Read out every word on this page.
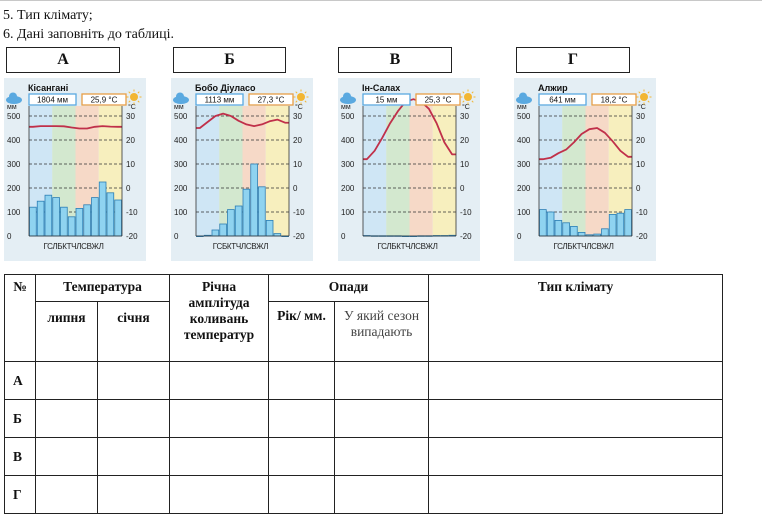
5. Тип клімату;
6. Дані заповніть до таблиці.
А	Б	В	Г
500
400
300
200
100
0
30
20
10
0
-10
-20
мм	°C
ГСЛБКТЧЛСВЖЛ
Кісангані
1804 мм	25,9 °C
500
400
300
200
100
0
30
20
10
0
-10
-20
мм	°C
ГСБКТЧЛСВЖЛ
Бобо Діуласо
1113 мм	27,3 °C
500
400
300
200
100
0
30
20
10
0
-10
-20
мм	°C
ГСЛБКТЧЛСВЖЛ
Ін-Салах
15 мм	25,3 °C
500
400
300
200
100
0
30
20
10
0
-10
-20
мм	°C
ГСЛБКТЧЛСВЖЛ
Алжир
641 мм	18,2 °C
№	Температура		Річна амплітуда коливань температур	Опади		Тип клімату
	липня	січня		Рік/ мм.	У який сезон випадають	
А						
Б						
В						
Г						
